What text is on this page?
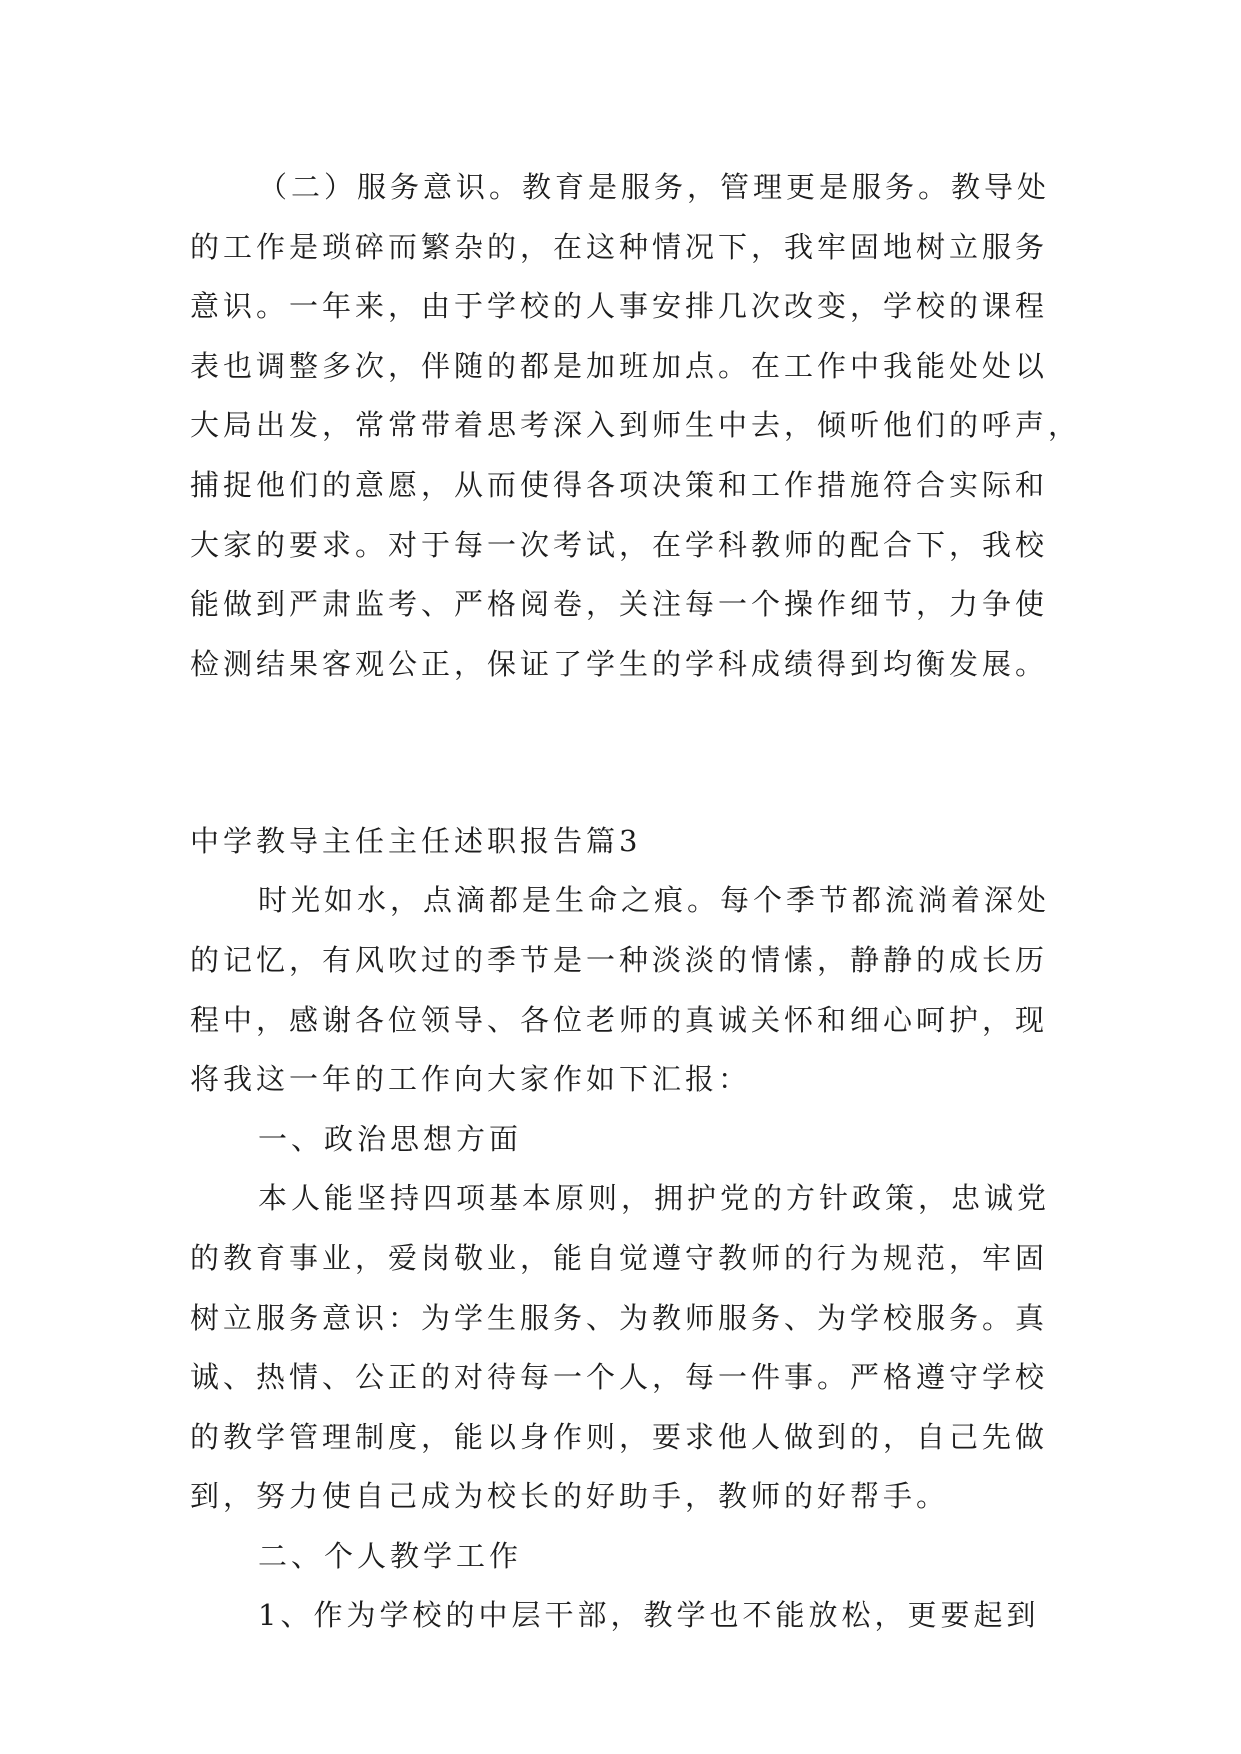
（二）服务意识。教育是服务，管理更是服务。教导处

的工作是琐碎而繁杂的，在这种情况下，我牢固地树立服务

意识。一年来，由于学校的人事安排几次改变，学校的课程

表也调整多次，伴随的都是加班加点。在工作中我能处处以

大局出发，常常带着思考深入到师生中去，倾听他们的呼声，

捕捉他们的意愿，从而使得各项决策和工作措施符合实际和

大家的要求。对于每一次考试，在学科教师的配合下，我校

能做到严肃监考、严格阅卷，关注每一个操作细节，力争使

检测结果客观公正，保证了学生的学科成绩得到均衡发展。

中学教导主任主任述职报告篇3

时光如水，点滴都是生命之痕。每个季节都流淌着深处

的记忆，有风吹过的季节是一种淡淡的情愫，静静的成长历

程中，感谢各位领导、各位老师的真诚关怀和细心呵护，现

将我这一年的工作向大家作如下汇报：

一、政治思想方面

本人能坚持四项基本原则，拥护党的方针政策，忠诚党

的教育事业，爱岗敬业，能自觉遵守教师的行为规范，牢固

树立服务意识：为学生服务、为教师服务、为学校服务。真

诚、热情、公正的对待每一个人，每一件事。严格遵守学校

的教学管理制度，能以身作则，要求他人做到的，自己先做

到，努力使自己成为校长的好助手，教师的好帮手。

二、个人教学工作

1、作为学校的中层干部，教学也不能放松，更要起到
